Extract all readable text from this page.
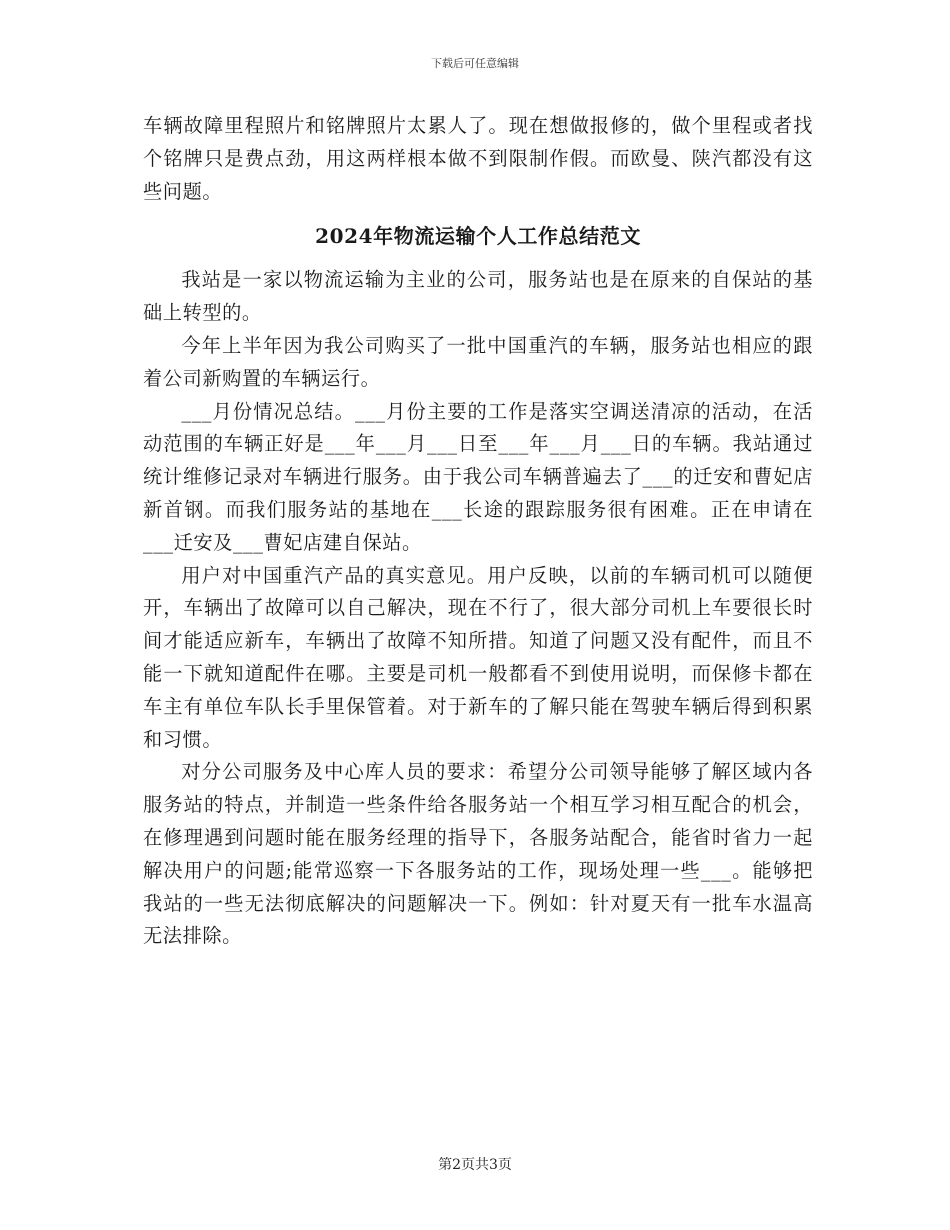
下载后可任意编辑

车辆故障里程照片和铭牌照片太累人了。现在想做报修的，做个里程或者找个铭牌只是费点劲，用这两样根本做不到限制作假。而欧曼、陕汽都没有这些问题。

2024年物流运输个人工作总结范文

我站是一家以物流运输为主业的公司，服务站也是在原来的自保站的基础上转型的。

今年上半年因为我公司购买了一批中国重汽的车辆，服务站也相应的跟着公司新购置的车辆运行。

___月份情况总结。___月份主要的工作是落实空调送清凉的活动，在活动范围的车辆正好是___年___月___日至___年___月___日的车辆。我站通过统计维修记录对车辆进行服务。由于我公司车辆普遍去了___的迁安和曹妃店新首钢。而我们服务站的基地在___长途的跟踪服务很有困难。正在申请在___迁安及___曹妃店建自保站。

用户对中国重汽产品的真实意见。用户反映，以前的车辆司机可以随便开，车辆出了故障可以自己解决，现在不行了，很大部分司机上车要很长时间才能适应新车，车辆出了故障不知所措。知道了问题又没有配件，而且不能一下就知道配件在哪。主要是司机一般都看不到使用说明，而保修卡都在车主有单位车队长手里保管着。对于新车的了解只能在驾驶车辆后得到积累和习惯。

对分公司服务及中心库人员的要求：希望分公司领导能够了解区域内各服务站的特点，并制造一些条件给各服务站一个相互学习相互配合的机会，在修理遇到问题时能在服务经理的指导下，各服务站配合，能省时省力一起解决用户的问题;能常巡察一下各服务站的工作，现场处理一些___。能够把我站的一些无法彻底解决的问题解决一下。例如：针对夏天有一批车水温高无法排除。

第2页共3页
